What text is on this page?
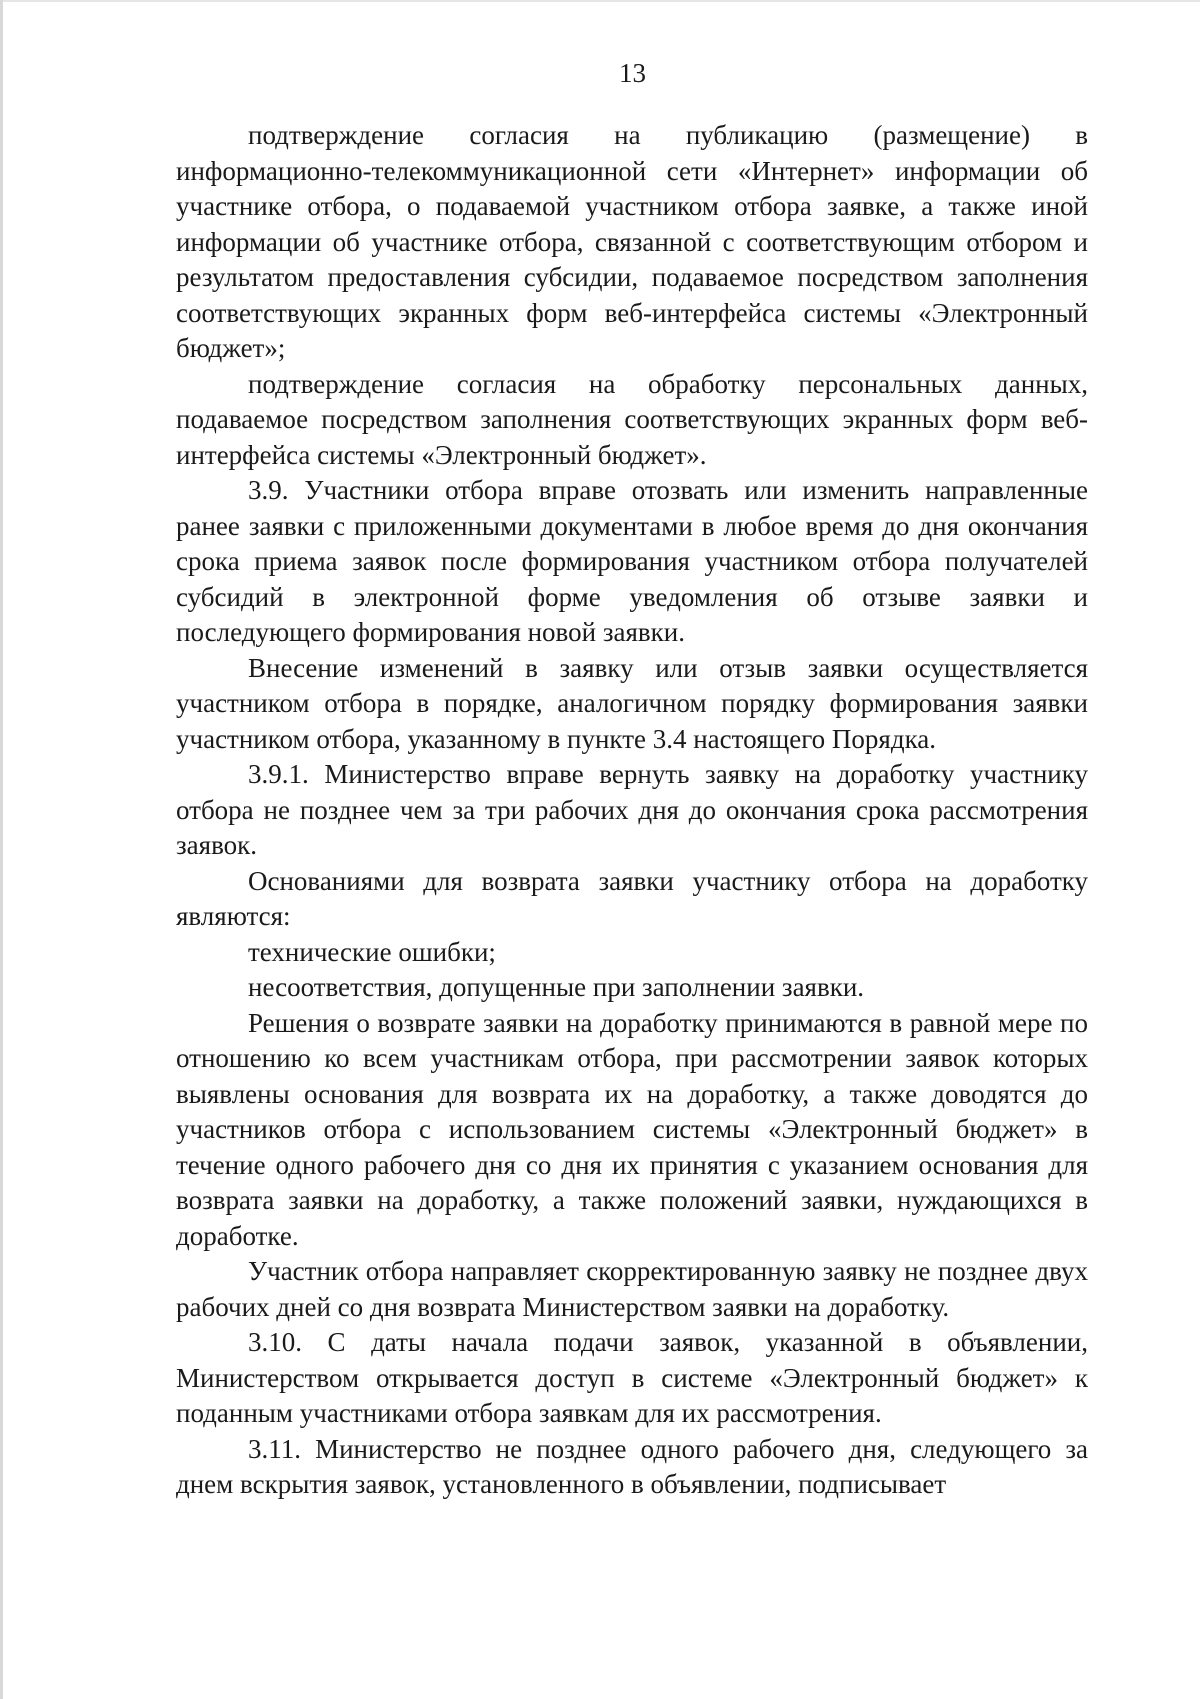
13

подтверждение согласия на публикацию (размещение) в информационно-телекоммуникационной сети «Интернет» информации об участнике отбора, о подаваемой участником отбора заявке, а также иной информации об участнике отбора, связанной с соответствующим отбором и результатом предоставления субсидии, подаваемое посредством заполнения соответствующих экранных форм веб-интерфейса системы «Электронный бюджет»;

подтверждение согласия на обработку персональных данных, подаваемое посредством заполнения соответствующих экранных форм веб-интерфейса системы «Электронный бюджет».

3.9. Участники отбора вправе отозвать или изменить направленные ранее заявки с приложенными документами в любое время до дня окончания срока приема заявок после формирования участником отбора получателей субсидий в электронной форме уведомления об отзыве заявки и последующего формирования новой заявки.

Внесение изменений в заявку или отзыв заявки осуществляется участником отбора в порядке, аналогичном порядку формирования заявки участником отбора, указанному в пункте 3.4 настоящего Порядка.

3.9.1. Министерство вправе вернуть заявку на доработку участнику отбора не позднее чем за три рабочих дня до окончания срока рассмотрения заявок.

Основаниями для возврата заявки участнику отбора на доработку являются:

технические ошибки;

несоответствия, допущенные при заполнении заявки.

Решения о возврате заявки на доработку принимаются в равной мере по отношению ко всем участникам отбора, при рассмотрении заявок которых выявлены основания для возврата их на доработку, а также доводятся до участников отбора с использованием системы «Электронный бюджет» в течение одного рабочего дня со дня их принятия с указанием основания для возврата заявки на доработку, а также положений заявки, нуждающихся в доработке.

Участник отбора направляет скорректированную заявку не позднее двух рабочих дней со дня возврата Министерством заявки на доработку.

3.10. С даты начала подачи заявок, указанной в объявлении, Министерством открывается доступ в системе «Электронный бюджет» к поданным участниками отбора заявкам для их рассмотрения.

3.11. Министерство не позднее одного рабочего дня, следующего за днем вскрытия заявок, установленного в объявлении, подписывает
